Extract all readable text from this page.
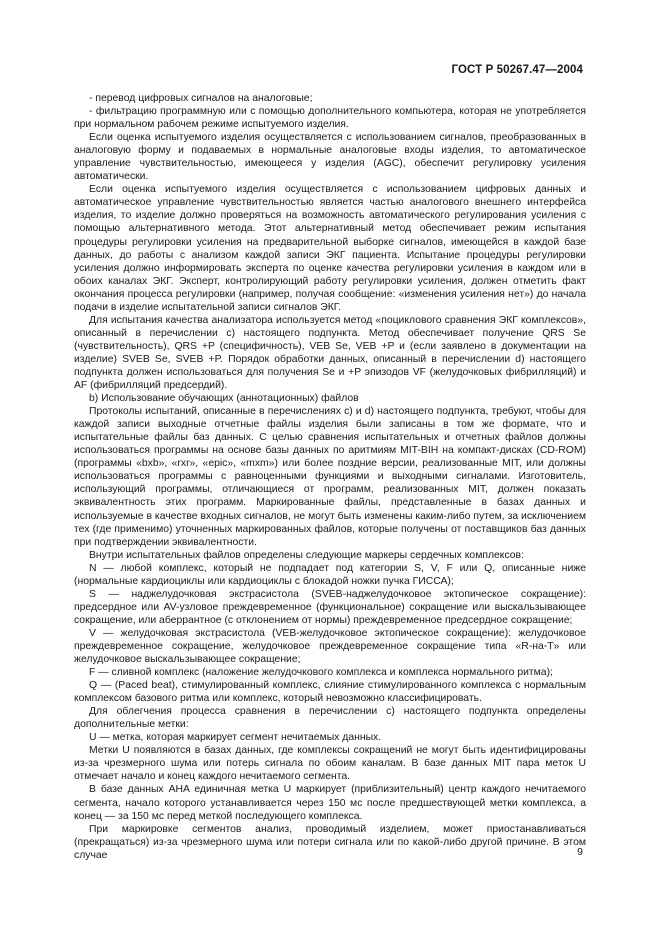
ГОСТ Р 50267.47—2004

- перевод цифровых сигналов на аналоговые;

- фильтрацию программную или с помощью дополнительного компьютера, которая не употребляется при нормальном рабочем режиме испытуемого изделия.

Если оценка испытуемого изделия осуществляется с использованием сигналов, преобразованных в аналоговую форму и подаваемых в нормальные аналоговые входы изделия, то автоматическое управление чувствительностью, имеющееся у изделия (AGC), обеспечит регулировку усиления автоматически.

Если оценка испытуемого изделия осуществляется с использованием цифровых данных и автоматическое управление чувствительностью является частью аналогового внешнего интерфейса изделия, то изделие должно проверяться на возможность автоматического регулирования усиления с помощью альтернативного метода. Этот альтернативный метод обеспечивает режим испытания процедуры регулировки усиления на предварительной выборке сигналов, имеющейся в каждой базе данных, до работы с анализом каждой записи ЭКГ пациента. Испытание процедуры регулировки усиления должно информировать эксперта по оценке качества регулировки усиления в каждом или в обоих каналах ЭКГ. Эксперт, контролирующий работу регулировки усиления, должен отметить факт окончания процесса регулировки (например, получая сообщение: «изменения усиления нет») до начала подачи в изделие испытательной записи сигналов ЭКГ.

Для испытания качества анализатора используется метод «поциклового сравнения ЭКГ комплексов», описанный в перечислении с) настоящего подпункта. Метод обеспечивает получение QRS Se (чувствительность), QRS +P (специфичность), VEB Se, VEB +P и (если заявлено в документации на изделие) SVEB Se, SVEB +P. Порядок обработки данных, описанный в перечислении d) настоящего подпункта должен использоваться для получения Se и +P эпизодов VF (желудочковых фибрилляций) и AF (фибрилляций предсердий).

b) Использование обучающих (аннотационных) файлов

Протоколы испытаний, описанные в перечислениях с) и d) настоящего подпункта, требуют, чтобы для каждой записи выходные отчетные файлы изделия были записаны в том же формате, что и испытательные файлы баз данных. С целью сравнения испытательных и отчетных файлов должны использоваться программы на основе базы данных по аритмиям MIT-BIH на компакт-дисках (CD-ROM) (программы «bxb», «rxr», «epic», «mxm») или более поздние версии, реализованные MIT, или должны использоваться программы с равноценными функциями и выходными сигналами. Изготовитель, использующий программы, отличающиеся от программ, реализованных MIT, должен показать эквивалентность этих программ. Маркированные файлы, представленные в базах данных и используемые в качестве входных сигналов, не могут быть изменены каким-либо путем, за исключением тех (где применимо) уточненных маркированных файлов, которые получены от поставщиков баз данных при подтверждении эквивалентности.

Внутри испытательных файлов определены следующие маркеры сердечных комплексов:

N — любой комплекс, который не подпадает под категории S, V, F или Q, описанные ниже (нормальные кардиоциклы или кардиоциклы с блокадой ножки пучка ГИССА);

S — наджелудочковая экстрасистола (SVEB-наджелудочковое эктопическое сокращение): предсердное или AV-узловое преждевременное (функциональное) сокращение или выскальзывающее сокращение, или аберрантное (с отклонением от нормы) преждевременное предсердное сокращение;

V — желудочковая экстрасистола (VEB-желудочковое эктопическое сокращение): желудочковое преждевременное сокращение, желудочковое преждевременное сокращение типа «R-на-T» или желудочковое выскальзывающее сокращение;

F — сливной комплекс (наложение желудочкового комплекса и комплекса нормального ритма);

Q — (Paced beat), стимулированный комплекс, слияние стимулированного комплекса с нормальным комплексом базового ритма или комплекс, который невозможно классифицировать.

Для облегчения процесса сравнения в перечислении с) настоящего подпункта определены дополнительные метки:

U — метка, которая маркирует сегмент нечитаемых данных.

Метки U появляются в базах данных, где комплексы сокращений не могут быть идентифицированы из-за чрезмерного шума или потерь сигнала по обоим каналам. В базе данных MIT пара меток U отмечает начало и конец каждого нечитаемого сегмента.

В базе данных AHA единичная метка U маркирует (приблизительный) центр каждого нечитаемого сегмента, начало которого устанавливается через 150 мс после предшествующей метки комплекса, а конец — за 150 мс перед меткой последующего комплекса.

При маркировке сегментов анализ, проводимый изделием, может приостанавливаться (прекращаться) из-за чрезмерного шума или потери сигнала или по какой-либо другой причине. В этом случае	9
